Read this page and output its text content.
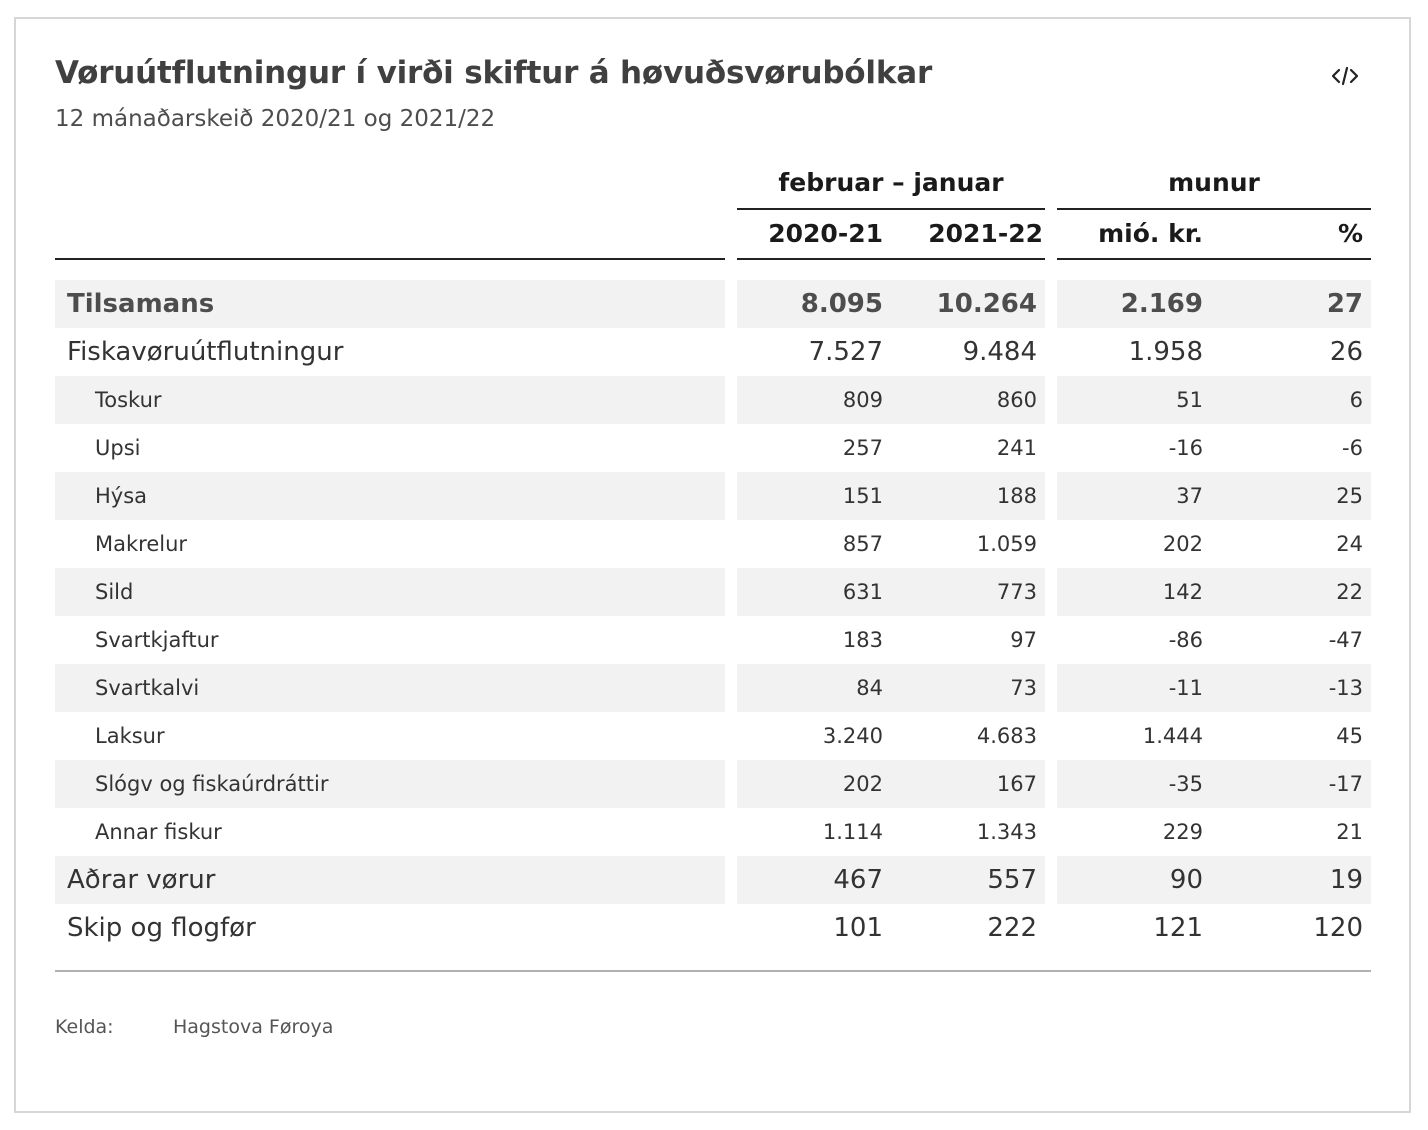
Vøruútflutningur í virði skiftur á høvuðsvørubólkar
12 mánaðarskeið 2020/21 og 2021/22
februar – januar	munur
2020-21	2021-22	mió. kr.	%
Tilsamans	8.095	10.264	2.169	27
Fiskavøruútflutningur	7.527	9.484	1.958	26
Toskur	809	860	51	6
Upsi	257	241	-16	-6
Hýsa	151	188	37	25
Makrelur	857	1.059	202	24
Sild	631	773	142	22
Svartkjaftur	183	97	-86	-47
Svartkalvi	84	73	-11	-13
Laksur	3.240	4.683	1.444	45
Slógv og fiskaúrdráttir	202	167	-35	-17
Annar fiskur	1.114	1.343	229	21
Aðrar vørur	467	557	90	19
Skip og flogfør	101	222	121	120
Kelda:	Hagstova Føroya
